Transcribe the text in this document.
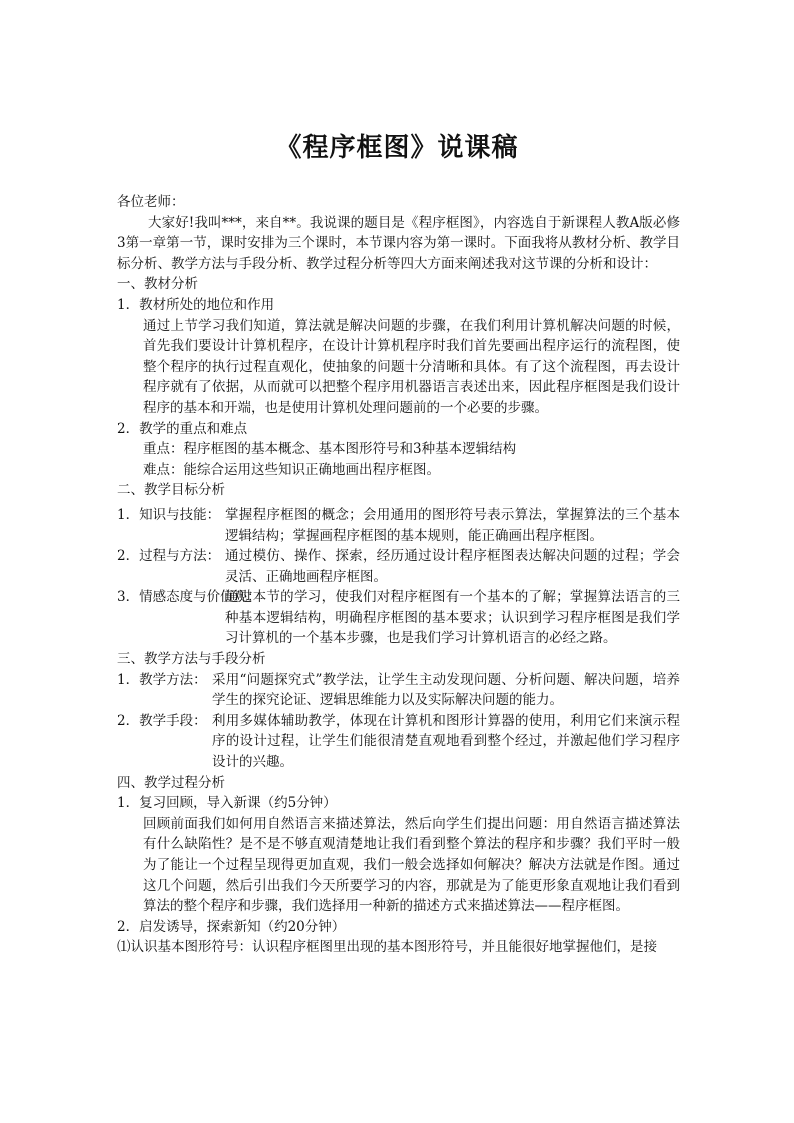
《程序框图》说课稿
各位老师：

大家好!我叫***，来自**。我说课的题目是《程序框图》，内容选自于新课程人教A版必修3第一章第一节，课时安排为三个课时，本节课内容为第一课时。下面我将从教材分析、教学目标分析、教学方法与手段分析、教学过程分析等四大方面来阐述我对这节课的分析和设计：

一、教材分析
1．教材所处的地位和作用

通过上节学习我们知道，算法就是解决问题的步骤，在我们利用计算机解决问题的时候，首先我们要设计计算机程序，在设计计算机程序时我们首先要画出程序运行的流程图，使整个程序的执行过程直观化，使抽象的问题十分清晰和具体。有了这个流程图，再去设计程序就有了依据，从而就可以把整个程序用机器语言表述出来，因此程序框图是我们设计程序的基本和开端，也是使用计算机处理问题前的一个必要的步骤。

2．教学的重点和难点
重点：程序框图的基本概念、基本图形符号和3种基本逻辑结构
难点：能综合运用这些知识正确地画出程序框图。
二、教学目标分析
1．知识与技能： 掌握程序框图的概念；会用通用的图形符号表示算法，掌握算法的三个基本逻辑结构；掌握画程序框图的基本规则，能正确画出程序框图。
2．过程与方法： 通过模仿、操作、探索，经历通过设计程序框图表达解决问题的过程；学会灵活、正确地画程序框图。
3．情感态度与价值观：
通过本节的学习，使我们对程序框图有一个基本的了解；掌握算法语言的三种基本逻辑结构，明确程序框图的基本要求；认识到学习程序框图是我们学习计算机的一个基本步骤，也是我们学习计算机语言的必经之路。
三、教学方法与手段分析
1．教学方法： 采用“问题探究式”教学法，让学生主动发现问题、分析问题、解决问题，培养学生的探究论证、逻辑思维能力以及实际解决问题的能力。
2．教学手段： 利用多媒体辅助教学，体现在计算机和图形计算器的使用，利用它们来演示程序的设计过程，让学生们能很清楚直观地看到整个经过，并激起他们学习程序设计的兴趣。
四、教学过程分析
1．复习回顾，导入新课（约5分钟）

回顾前面我们如何用自然语言来描述算法，然后向学生们提出问题：用自然语言描述算法有什么缺陷性？是不是不够直观清楚地让我们看到整个算法的程序和步骤？我们平时一般为了能让一个过程呈现得更加直观，我们一般会选择如何解决？解决方法就是作图。通过这几个问题，然后引出我们今天所要学习的内容，那就是为了能更形象直观地让我们看到算法的整个程序和步骤，我们选择用一种新的描述方式来描述算法——程序框图。

2．启发诱导，探索新知（约20分钟）
⑴认识基本图形符号：认识程序框图里出现的基本图形符号，并且能很好地掌握他们，是接
